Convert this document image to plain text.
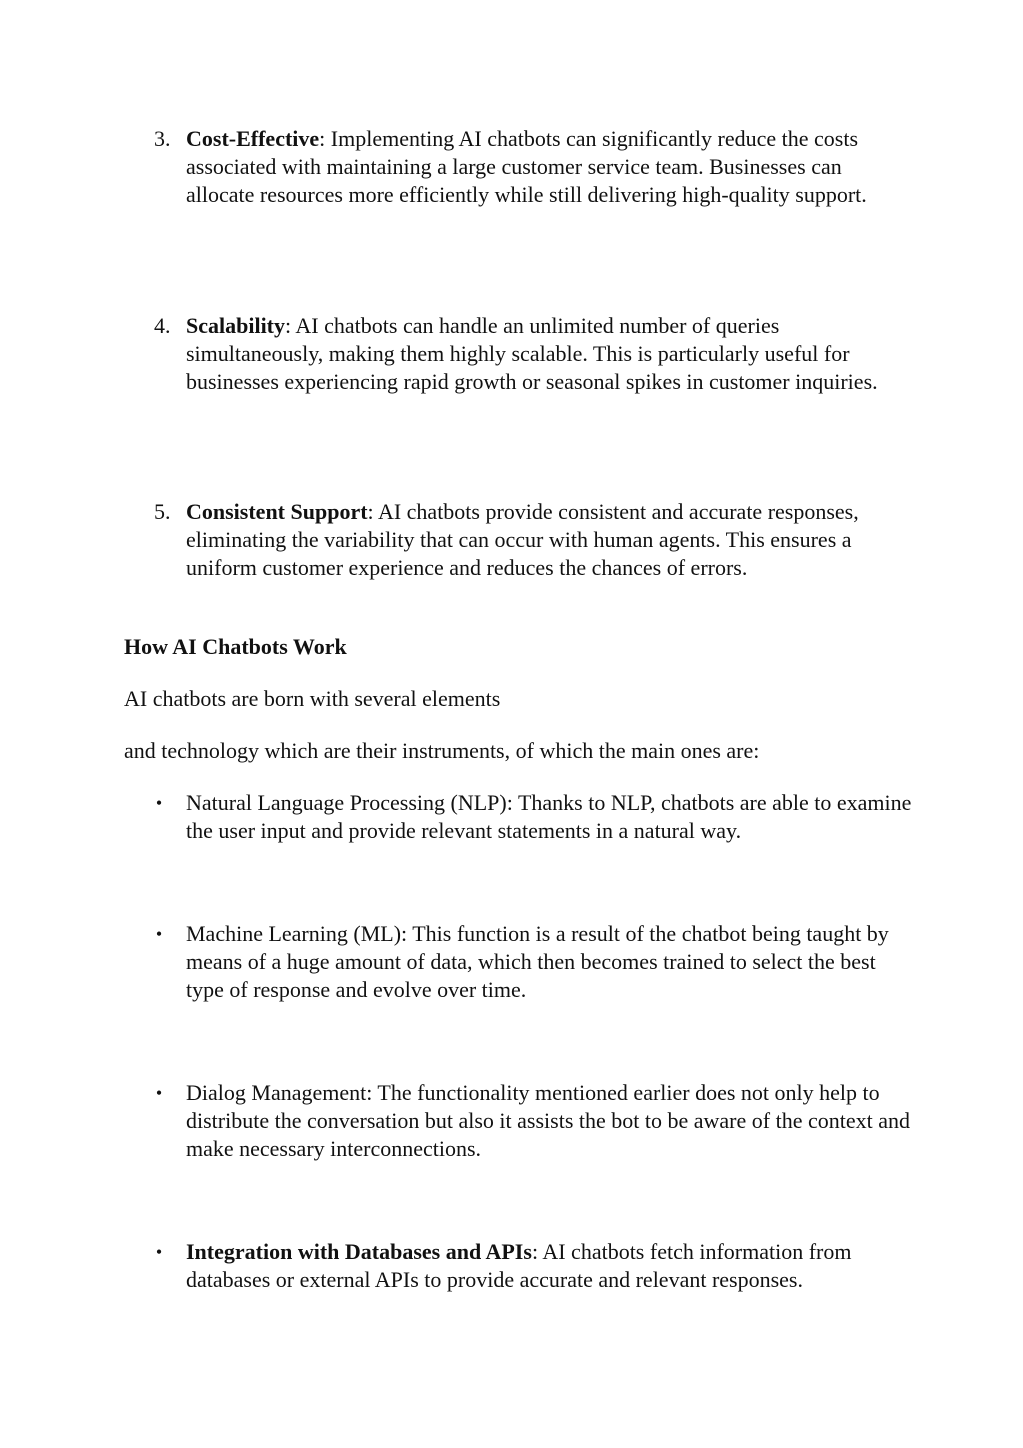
3. Cost-Effective: Implementing AI chatbots can significantly reduce the costs associated with maintaining a large customer service team. Businesses can allocate resources more efficiently while still delivering high-quality support.
4. Scalability: AI chatbots can handle an unlimited number of queries simultaneously, making them highly scalable. This is particularly useful for businesses experiencing rapid growth or seasonal spikes in customer inquiries.
5. Consistent Support: AI chatbots provide consistent and accurate responses, eliminating the variability that can occur with human agents. This ensures a uniform customer experience and reduces the chances of errors.
How AI Chatbots Work
AI chatbots are born with several elements
and technology which are their instruments, of which the main ones are:
• Natural Language Processing (NLP): Thanks to NLP, chatbots are able to examine the user input and provide relevant statements in a natural way.
• Machine Learning (ML): This function is a result of the chatbot being taught by means of a huge amount of data, which then becomes trained to select the best type of response and evolve over time.
• Dialog Management: The functionality mentioned earlier does not only help to distribute the conversation but also it assists the bot to be aware of the context and make necessary interconnections.
• Integration with Databases and APIs: AI chatbots fetch information from databases or external APIs to provide accurate and relevant responses.
